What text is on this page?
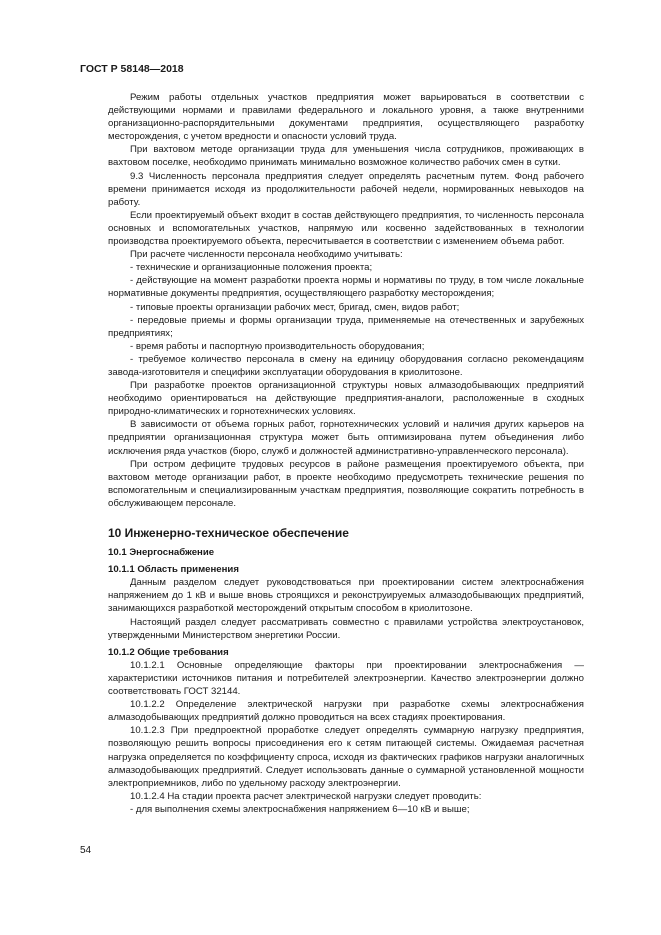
ГОСТ Р 58148—2018

Режим работы отдельных участков предприятия может варьироваться в соответствии с действующими нормами и правилами федерального и локального уровня, а также внутренними организационно-распорядительными документами предприятия, осуществляющего разработку месторождения, с учетом вредности и опасности условий труда.

При вахтовом методе организации труда для уменьшения числа сотрудников, проживающих в вахтовом поселке, необходимо принимать минимально возможное количество рабочих смен в сутки.

9.3 Численность персонала предприятия следует определять расчетным путем. Фонд рабочего времени принимается исходя из продолжительности рабочей недели, нормированных невыходов на работу.

Если проектируемый объект входит в состав действующего предприятия, то численность персонала основных и вспомогательных участков, напрямую или косвенно задействованных в технологии производства проектируемого объекта, пересчитывается в соответствии с изменением объема работ.

При расчете численности персонала необходимо учитывать:

- технические и организационные положения проекта;

- действующие на момент разработки проекта нормы и нормативы по труду, в том числе локальные нормативные документы предприятия, осуществляющего разработку месторождения;

- типовые проекты организации рабочих мест, бригад, смен, видов работ;

- передовые приемы и формы организации труда, применяемые на отечественных и зарубежных предприятиях;

- время работы и паспортную производительность оборудования;

- требуемое количество персонала в смену на единицу оборудования согласно рекомендациям завода-изготовителя и специфики эксплуатации оборудования в криолитозоне.

При разработке проектов организационной структуры новых алмазодобывающих предприятий необходимо ориентироваться на действующие предприятия-аналоги, расположенные в сходных природно-климатических и горнотехнических условиях.

В зависимости от объема горных работ, горнотехнических условий и наличия других карьеров на предприятии организационная структура может быть оптимизирована путем объединения либо исключения ряда участков (бюро, служб и должностей административно-управленческого персонала).

При остром дефиците трудовых ресурсов в районе размещения проектируемого объекта, при вахтовом методе организации работ, в проекте необходимо предусмотреть технические решения по вспомогательным и специализированным участкам предприятия, позволяющие сократить потребность в обслуживающем персонале.

10 Инженерно-техническое обеспечение

10.1 Энергоснабжение

10.1.1 Область применения

Данным разделом следует руководствоваться при проектировании систем электроснабжения напряжением до 1 кВ и выше вновь строящихся и реконструируемых алмазодобывающих предприятий, занимающихся разработкой месторождений открытым способом в криолитозоне.

Настоящий раздел следует рассматривать совместно с правилами устройства электроустановок, утвержденными Министерством энергетики России.

10.1.2 Общие требования

10.1.2.1 Основные определяющие факторы при проектировании электроснабжения — характеристики источников питания и потребителей электроэнергии. Качество электроэнергии должно соответствовать ГОСТ 32144.

10.1.2.2 Определение электрической нагрузки при разработке схемы электроснабжения алмазодобывающих предприятий должно проводиться на всех стадиях проектирования.

10.1.2.3 При предпроектной проработке следует определять суммарную нагрузку предприятия, позволяющую решить вопросы присоединения его к сетям питающей системы. Ожидаемая расчетная нагрузка определяется по коэффициенту спроса, исходя из фактических графиков нагрузки аналогичных алмазодобывающих предприятий. Следует использовать данные о суммарной установленной мощности электроприемников, либо по удельному расходу электроэнергии.

10.1.2.4 На стадии проекта расчет электрической нагрузки следует проводить:

- для выполнения схемы электроснабжения напряжением 6—10 кВ и выше;

54
